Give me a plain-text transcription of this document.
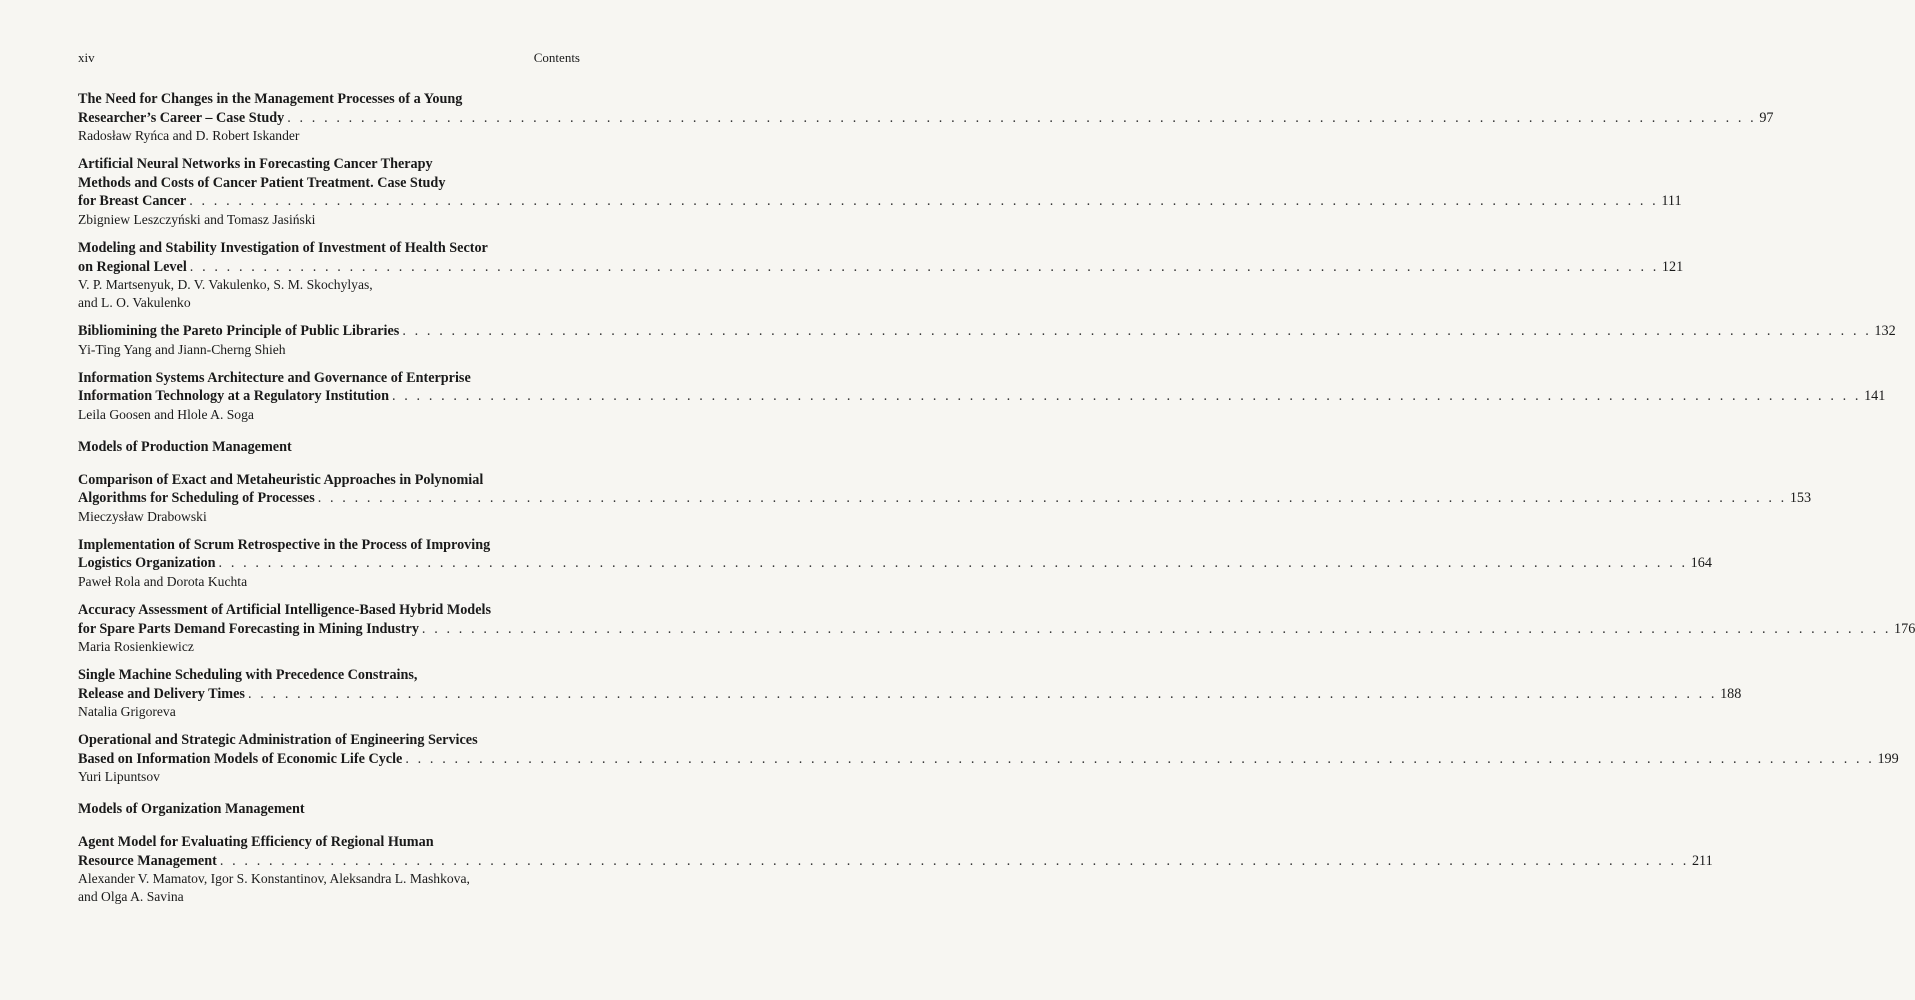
xiv	Contents
The Need for Changes in the Management Processes of a Young
Researcher’s Career – Case Study . . . . . . . . . . . . . . . . . . . . . . . . . . . . . . . . . . . . . . . . . . . . . . . . . . . . . . . . . . . . . . . . . . . . . . . . . . . . . . . . . . . . . . . . . . . . . . . . . . . . . . . . . . . . . . . . . . . . . . . . 97
Radosław Ryńca and D. Robert Iskander
Artificial Neural Networks in Forecasting Cancer Therapy
Methods and Costs of Cancer Patient Treatment. Case Study
for Breast Cancer . . . . . . . . . . . . . . . . . . . . . . . . . . . . . . . . . . . . . . . . . . . . . . . . . . . . . . . . . . . . . . . . . . . . . . . . . . . . . . . . . . . . . . . . . . . . . . . . . . . . . . . . . . . . . . . . . . . . . . . . 111
Zbigniew Leszczyński and Tomasz Jasiński
Modeling and Stability Investigation of Investment of Health Sector
on Regional Level . . . . . . . . . . . . . . . . . . . . . . . . . . . . . . . . . . . . . . . . . . . . . . . . . . . . . . . . . . . . . . . . . . . . . . . . . . . . . . . . . . . . . . . . . . . . . . . . . . . . . . . . . . . . . . . . . . . . . . . . 121
V. P. Martsenyuk, D. V. Vakulenko, S. M. Skochylyas,
and L. O. Vakulenko
Bibliomining the Pareto Principle of Public Libraries . . . . . . . . . . . . . . . . . . . . . . . . . . . . . . . . . . . . . . . . . . . . . . . . . . . . . . . . . . . . . . . . . . . . . . . . . . . . . . . . . . . . . . . . . . . . . . . . . . . . . . . . . . . . . . . . . . . . . . . . 132
Yi-Ting Yang and Jiann-Cherng Shieh
Information Systems Architecture and Governance of Enterprise
Information Technology at a Regulatory Institution . . . . . . . . . . . . . . . . . . . . . . . . . . . . . . . . . . . . . . . . . . . . . . . . . . . . . . . . . . . . . . . . . . . . . . . . . . . . . . . . . . . . . . . . . . . . . . . . . . . . . . . . . . . . . . . . . . . . . . . . 141
Leila Goosen and Hlole A. Soga
Models of Production Management
Comparison of Exact and Metaheuristic Approaches in Polynomial
Algorithms for Scheduling of Processes . . . . . . . . . . . . . . . . . . . . . . . . . . . . . . . . . . . . . . . . . . . . . . . . . . . . . . . . . . . . . . . . . . . . . . . . . . . . . . . . . . . . . . . . . . . . . . . . . . . . . . . . . . . . . . . . . . . . . . . . 153
Mieczysław Drabowski
Implementation of Scrum Retrospective in the Process of Improving
Logistics Organization . . . . . . . . . . . . . . . . . . . . . . . . . . . . . . . . . . . . . . . . . . . . . . . . . . . . . . . . . . . . . . . . . . . . . . . . . . . . . . . . . . . . . . . . . . . . . . . . . . . . . . . . . . . . . . . . . . . . . . . . 164
Paweł Rola and Dorota Kuchta
Accuracy Assessment of Artificial Intelligence-Based Hybrid Models
for Spare Parts Demand Forecasting in Mining Industry . . . . . . . . . . . . . . . . . . . . . . . . . . . . . . . . . . . . . . . . . . . . . . . . . . . . . . . . . . . . . . . . . . . . . . . . . . . . . . . . . . . . . . . . . . . . . . . . . . . . . . . . . . . . . . . . . . . . . . . . 176
Maria Rosienkiewicz
Single Machine Scheduling with Precedence Constrains,
Release and Delivery Times . . . . . . . . . . . . . . . . . . . . . . . . . . . . . . . . . . . . . . . . . . . . . . . . . . . . . . . . . . . . . . . . . . . . . . . . . . . . . . . . . . . . . . . . . . . . . . . . . . . . . . . . . . . . . . . . . . . . . . . . 188
Natalia Grigoreva
Operational and Strategic Administration of Engineering Services
Based on Information Models of Economic Life Cycle . . . . . . . . . . . . . . . . . . . . . . . . . . . . . . . . . . . . . . . . . . . . . . . . . . . . . . . . . . . . . . . . . . . . . . . . . . . . . . . . . . . . . . . . . . . . . . . . . . . . . . . . . . . . . . . . . . . . . . . . 199
Yuri Lipuntsov
Models of Organization Management
Agent Model for Evaluating Efficiency of Regional Human
Resource Management . . . . . . . . . . . . . . . . . . . . . . . . . . . . . . . . . . . . . . . . . . . . . . . . . . . . . . . . . . . . . . . . . . . . . . . . . . . . . . . . . . . . . . . . . . . . . . . . . . . . . . . . . . . . . . . . . . . . . . . . 211
Alexander V. Mamatov, Igor S. Konstantinov, Aleksandra L. Mashkova,
and Olga A. Savina
